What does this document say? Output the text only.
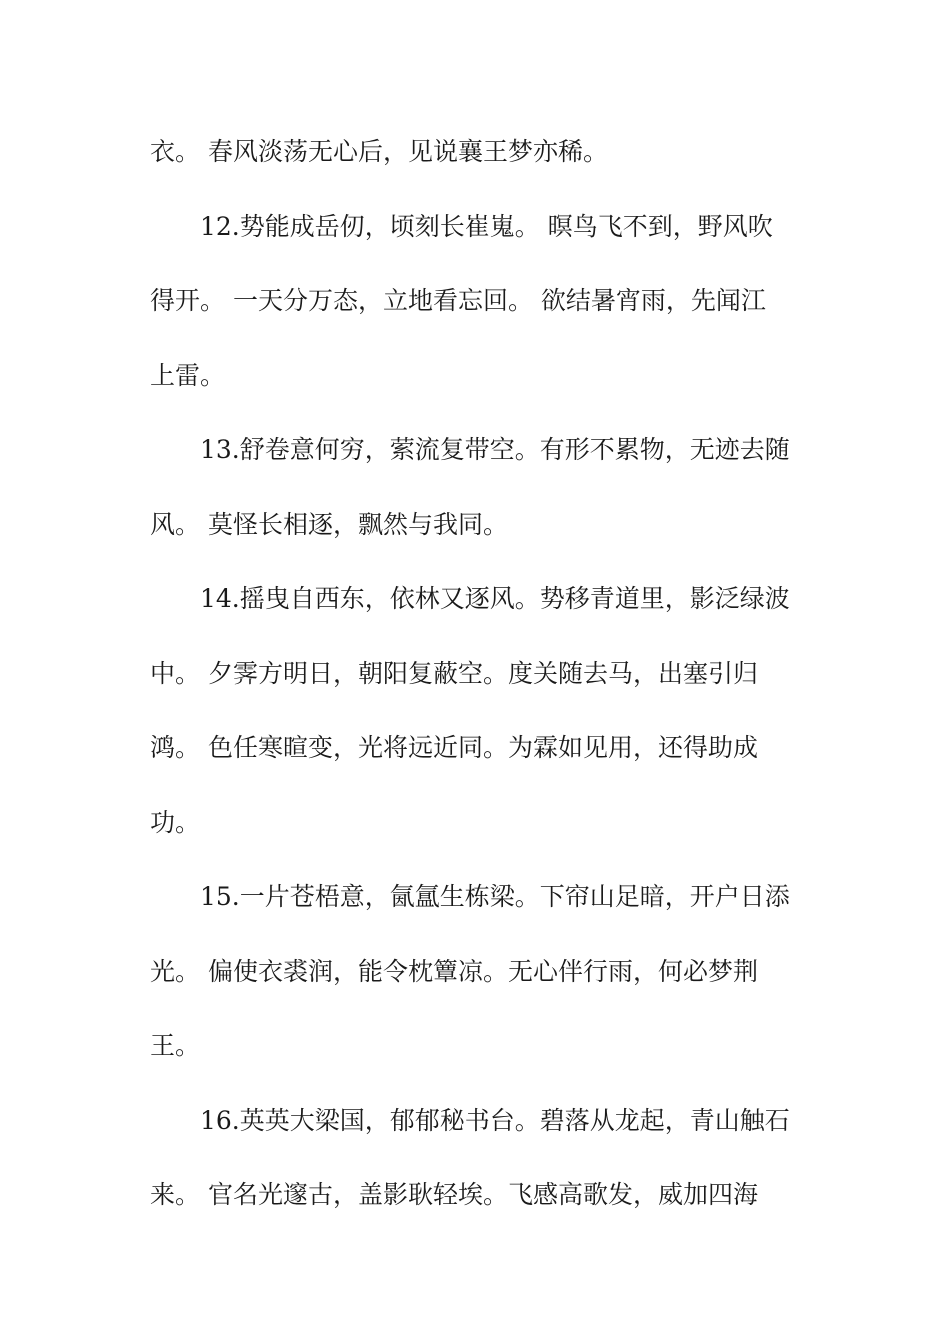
衣。 春风淡荡无心后，见说襄王梦亦稀。
12.势能成岳仞，顷刻长崔嵬。 暝鸟飞不到，野风吹
得开。 一天分万态，立地看忘回。 欲结暑宵雨，先闻江
上雷。
13.舒卷意何穷，萦流复带空。有形不累物，无迹去随
风。 莫怪长相逐，飘然与我同。
14.摇曳自西东，依林又逐风。势移青道里，影泛绿波
中。 夕霁方明日，朝阳复蔽空。度关随去马，出塞引归
鸿。 色任寒暄变，光将远近同。为霖如见用，还得助成
功。
15.一片苍梧意，氤氲生栋梁。下帘山足暗，开户日添
光。 偏使衣裘润，能令枕簟凉。无心伴行雨，何必梦荆
王。
16.英英大梁国，郁郁秘书台。碧落从龙起，青山触石
来。 官名光邃古，盖影耿轻埃。飞感高歌发，威加四海
